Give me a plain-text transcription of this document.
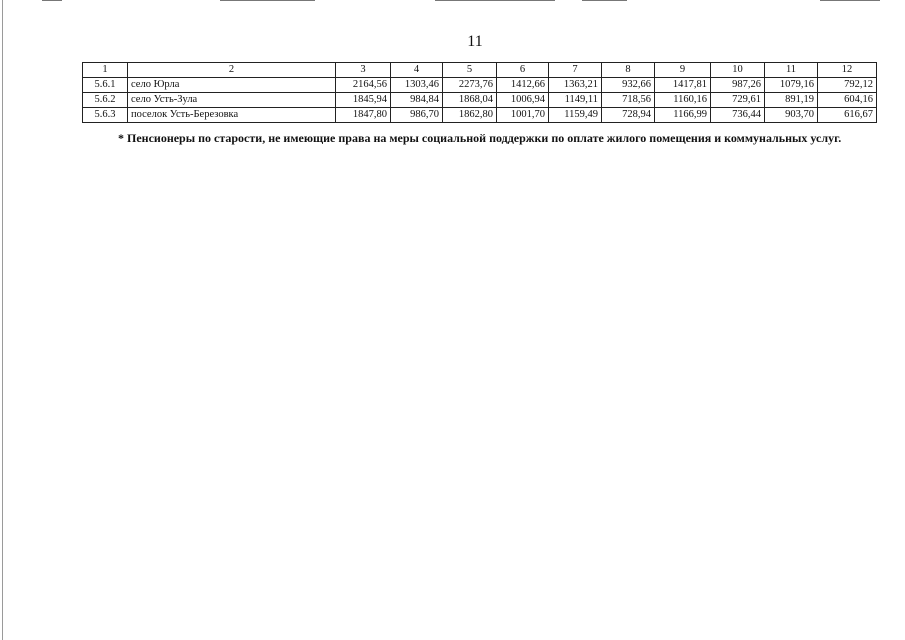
11
1	2	3	4	5	6	7	8	9	10	11	12
5.6.1	село Юрла	2164,56	1303,46	2273,76	1412,66	1363,21	932,66	1417,81	987,26	1079,16	792,12
5.6.2	село Усть-Зула	1845,94	984,84	1868,04	1006,94	1149,11	718,56	1160,16	729,61	891,19	604,16
5.6.3	поселок Усть-Березовка	1847,80	986,70	1862,80	1001,70	1159,49	728,94	1166,99	736,44	903,70	616,67
* Пенсионеры по старости, не имеющие права на меры социальной поддержки по оплате жилого помещения и коммунальных услуг.
